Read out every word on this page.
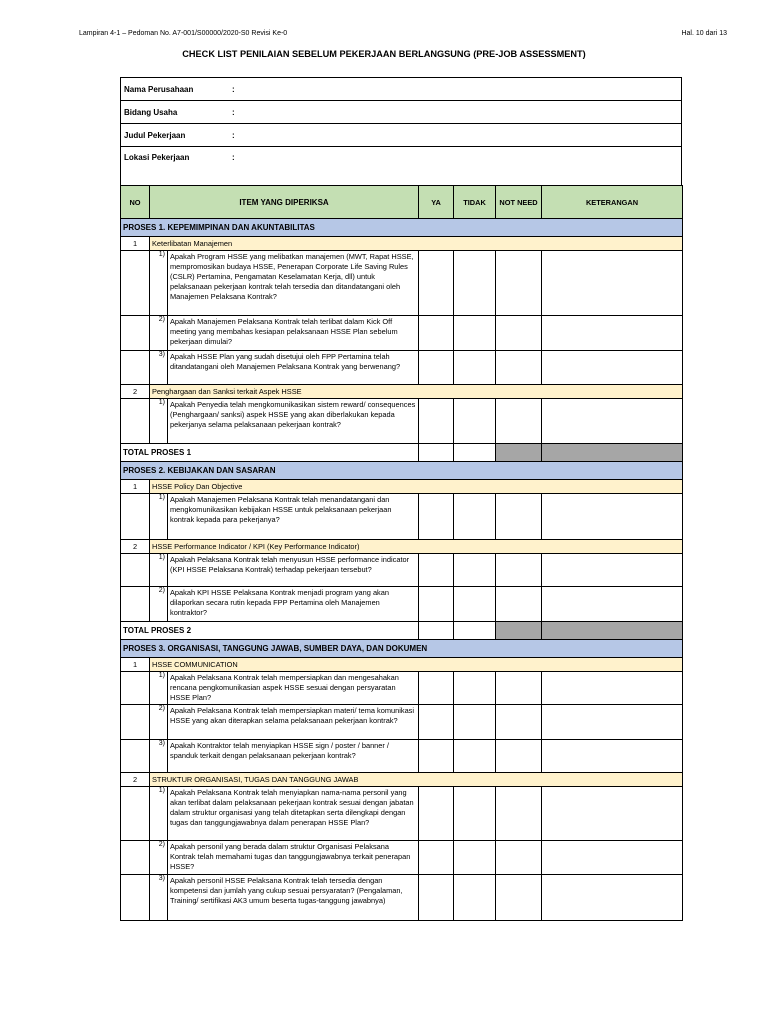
Lampiran 4-1 – Pedoman No. A7-001/S00000/2020-S0 Revisi Ke-0	Hal. 10 dari 13
CHECK LIST PENILAIAN SEBELUM PEKERJAAN BERLANGSUNG (PRE-JOB ASSESSMENT)
Nama Perusahaan	:
Bidang Usaha	:
Judul Pekerjaan	:
Lokasi Pekerjaan	:
NO	ITEM YANG DIPERIKSA		YA	TIDAK	NOT NEED	KETERANGAN
PROSES 1. KEPEMIMPINAN DAN AKUNTABILITAS						
1	Keterlibatan Manajemen					
	1)	Apakah Program HSSE yang melibatkan manajemen (MWT, Rapat HSSE, mempromosikan budaya HSSE, Penerapan Corporate Life Saving Rules (CSLR) Pertamina, Pengamatan Keselamatan Kerja, dll) untuk pelaksanaan pekerjaan kontrak telah tersedia dan ditandatangani oleh Manajemen Pelaksana Kontrak?				
	2)	Apakah Manajemen Pelaksana Kontrak telah terlibat dalam Kick Off meeting yang membahas kesiapan pelaksanaan HSSE Plan sebelum pekerjaan dimulai?				
	3)	Apakah HSSE Plan yang sudah disetujui oleh FPP Pertamina telah ditandatangani oleh Manajemen Pelaksana Kontrak yang berwenang?				
2	Penghargaan dan Sanksi terkait Aspek HSSE					
	1)	Apakah Penyedia telah mengkomunikasikan sistem reward/ consequences (Penghargaan/ sanksi) aspek HSSE yang akan diberlakukan kepada pekerjanya selama pelaksanaan pekerjaan kontrak?				
TOTAL PROSES 1						
PROSES 2. KEBIJAKAN DAN SASARAN						
1	HSSE Policy Dan Objective					
	1)	Apakah Manajemen Pelaksana Kontrak telah menandatangani dan mengkomunikasikan kebijakan HSSE untuk pelaksanaan pekerjaan kontrak kepada para pekerjanya?				
2	HSSE Performance Indicator / KPI (Key Performance Indicator)					
	1)	Apakah Pelaksana Kontrak telah menyusun HSSE performance indicator (KPI HSSE Pelaksana Kontrak) terhadap pekerjaan tersebut?				
	2)	Apakah KPI HSSE Pelaksana Kontrak menjadi program yang akan dilaporkan secara rutin kepada FPP Pertamina oleh Manajemen kontraktor?				
TOTAL PROSES 2						
PROSES 3. ORGANISASI, TANGGUNG JAWAB, SUMBER DAYA, DAN DOKUMEN						
1	HSSE COMMUNICATION					
	1)	Apakah Pelaksana Kontrak telah mempersiapkan dan mengesahakan rencana pengkomunikasian aspek HSSE sesuai dengan persyaratan HSSE Plan?				
	2)	Apakah Pelaksana Kontrak telah mempersiapkan materi/ tema komunikasi HSSE yang akan diterapkan selama pelaksanaan pekerjaan kontrak?				
	3)	Apakah Kontraktor telah menyiapkan HSSE sign / poster / banner / spanduk terkait dengan pelaksanaan pekerjaan kontrak?				
2	STRUKTUR ORGANISASI, TUGAS DAN TANGGUNG JAWAB					
	1)	Apakah Pelaksana Kontrak telah menyiapkan nama-nama personil yang akan terlibat dalam pelaksanaan pekerjaan kontrak sesuai dengan jabatan dalam struktur organisasi yang telah ditetapkan serta dilengkapi dengan tugas dan tanggungjawabnya dalam penerapan HSSE Plan?				
	2)	Apakah personil yang berada dalam struktur Organisasi Pelaksana Kontrak telah memahami tugas dan tanggungjawabnya terkait penerapan HSSE?				
	3)	Apakah personil HSSE Pelaksana Kontrak telah tersedia dengan kompetensi dan jumlah yang cukup sesuai persyaratan? (Pengalaman, Training/ sertifikasi AK3 umum beserta tugas-tanggung jawabnya)				
